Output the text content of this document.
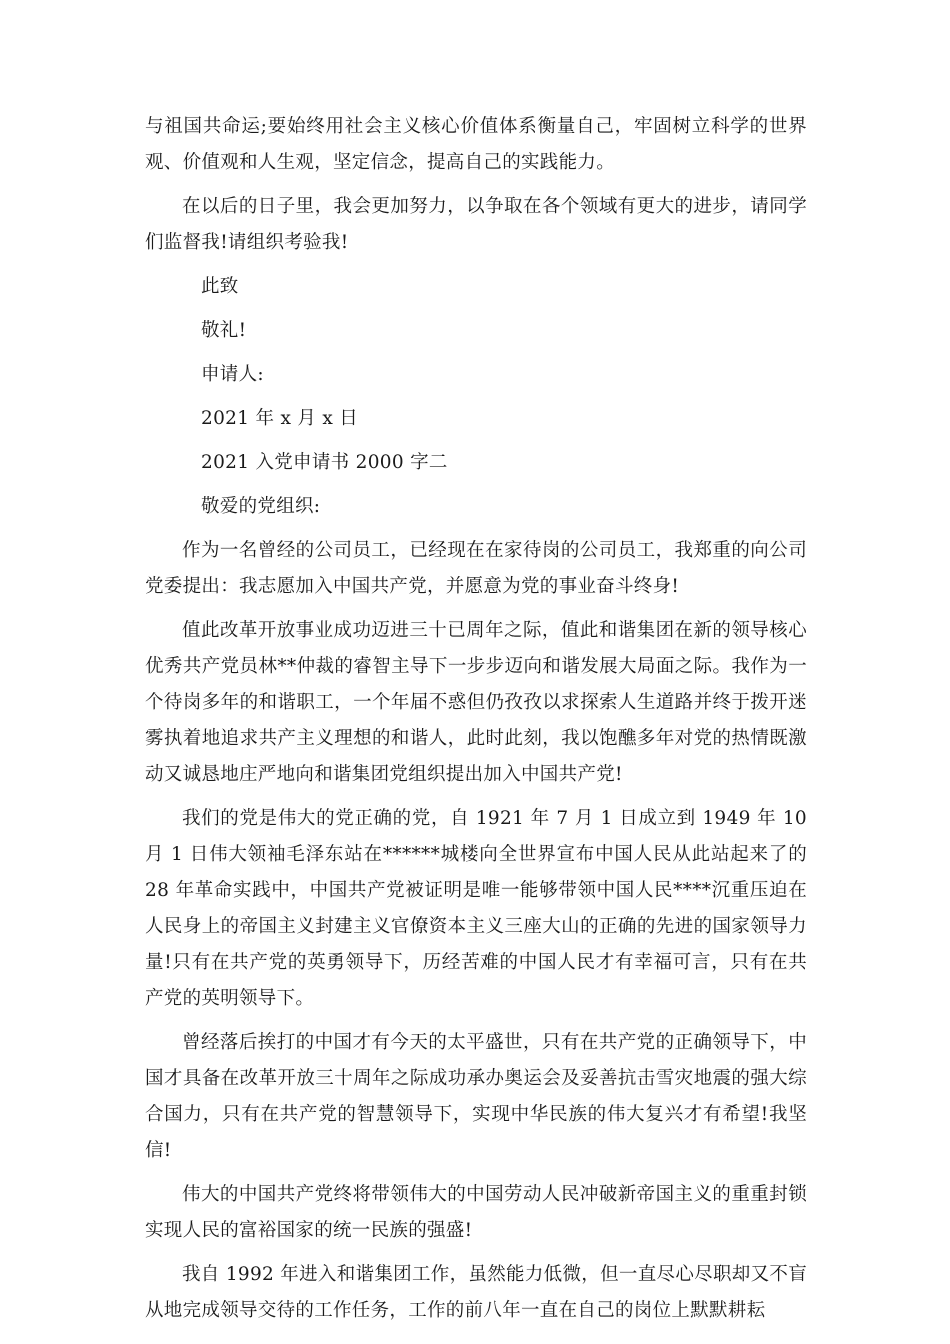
与祖国共命运;要始终用社会主义核心价值体系衡量自己，牢固树立科学的世界观、价值观和人生观，坚定信念，提高自己的实践能力。

在以后的日子里，我会更加努力，以争取在各个领域有更大的进步，请同学们监督我!请组织考验我!

此致

敬礼!

申请人:

2021 年 x 月 x 日

2021 入党申请书 2000 字二

敬爱的党组织:

作为一名曾经的公司员工，已经现在在家待岗的公司员工，我郑重的向公司党委提出：我志愿加入中国共产党，并愿意为党的事业奋斗终身!

值此改革开放事业成功迈进三十已周年之际，值此和谐集团在新的领导核心优秀共产党员林**仲裁的睿智主导下一步步迈向和谐发展大局面之际。我作为一个待岗多年的和谐职工，一个年届不惑但仍孜孜以求探索人生道路并终于拨开迷雾执着地追求共产主义理想的和谐人，此时此刻，我以饱醮多年对党的热情既激动又诚恳地庄严地向和谐集团党组织提出加入中国共产党!

我们的党是伟大的党正确的党，自 1921 年 7 月 1 日成立到 1949 年 10 月 1 日伟大领袖毛泽东站在******城楼向全世界宣布中国人民从此站起来了的 28 年革命实践中，中国共产党被证明是唯一能够带领中国人民****沉重压迫在人民身上的帝国主义封建主义官僚资本主义三座大山的正确的先进的国家领导力量!只有在共产党的英勇领导下，历经苦难的中国人民才有幸福可言，只有在共产党的英明领导下。

曾经落后挨打的中国才有今天的太平盛世，只有在共产党的正确领导下，中国才具备在改革开放三十周年之际成功承办奥运会及妥善抗击雪灾地震的强大综合国力，只有在共产党的智慧领导下，实现中华民族的伟大复兴才有希望!我坚信!

伟大的中国共产党终将带领伟大的中国劳动人民冲破新帝国主义的重重封锁实现人民的富裕国家的统一民族的强盛!

我自 1992 年进入和谐集团工作，虽然能力低微，但一直尽心尽职却又不盲从地完成领导交待的工作任务，工作的前八年一直在自己的岗位上默默耕耘
